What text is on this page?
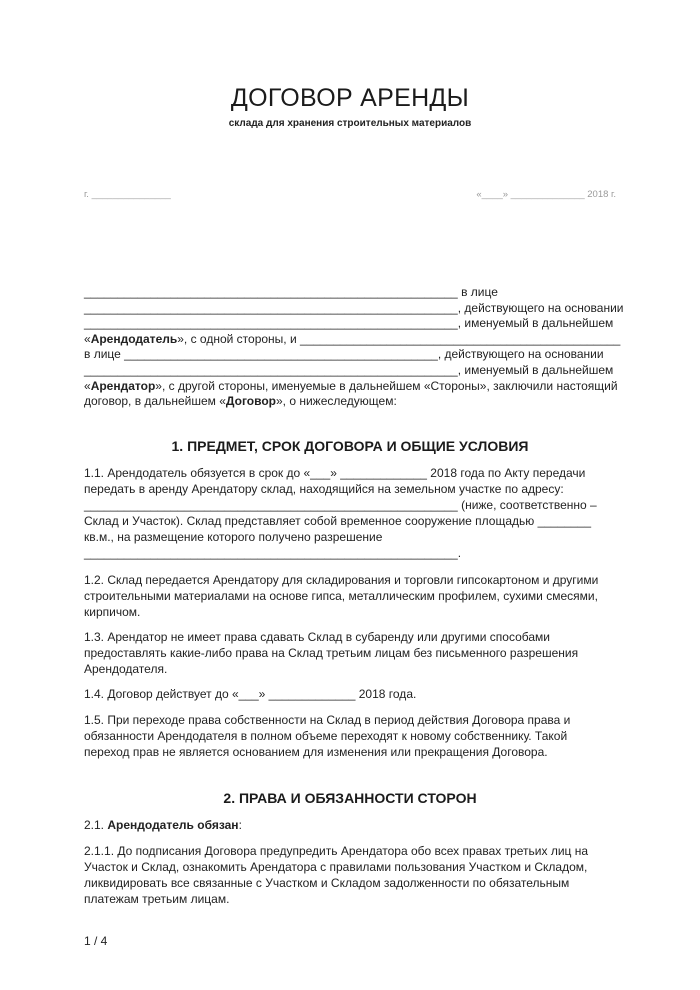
ДОГОВОР АРЕНДЫ
склада для хранения строительных материалов
г. _______________	«____» ______________ 2018 г.
________________________________________________________ в лице
________________________________________________________, действующего на основании
________________________________________________________, именуемый в дальнейшем
«Арендодатель», с одной стороны, и ________________________________________________
в лице _______________________________________________, действующего на основании
________________________________________________________, именуемый в дальнейшем
«Арендатор», с другой стороны, именуемые в дальнейшем «Стороны», заключили настоящий
договор, в дальнейшем «Договор», о нижеследующем:
1. ПРЕДМЕТ, СРОК ДОГОВОРА И ОБЩИЕ УСЛОВИЯ

1.1. Арендодатель обязуется в срок до «___» _____________ 2018 года по Акту передачи передать в аренду Арендатору склад, находящийся на земельном участке по адресу: ________________________________________________________ (ниже, соответственно – Склад и Участок). Склад представляет собой временное сооружение площадью ________ кв.м., на размещение которого получено разрешение ________________________________________________________.

1.2. Склад передается Арендатору для складирования и торговли гипсокартоном и другими строительными материалами на основе гипса, металлическим профилем, сухими смесями, кирпичом.

1.3. Арендатор не имеет права сдавать Склад в субаренду или другими способами предоставлять какие-либо права на Склад третьим лицам без письменного разрешения Арендодателя.

1.4. Договор действует до «___» _____________ 2018 года.

1.5. При переходе права собственности на Склад в период действия Договора права и обязанности Арендодателя в полном объеме переходят к новому собственнику. Такой переход прав не является основанием для изменения или прекращения Договора.

2. ПРАВА И ОБЯЗАННОСТИ СТОРОН

2.1. Арендодатель обязан:

2.1.1. До подписания Договора предупредить Арендатора обо всех правах третьих лиц на Участок и Склад, ознакомить Арендатора с правилами пользования Участком и Складом, ликвидировать все связанные с Участком и Складом задолженности по обязательным платежам третьим лицам.

1 / 4
